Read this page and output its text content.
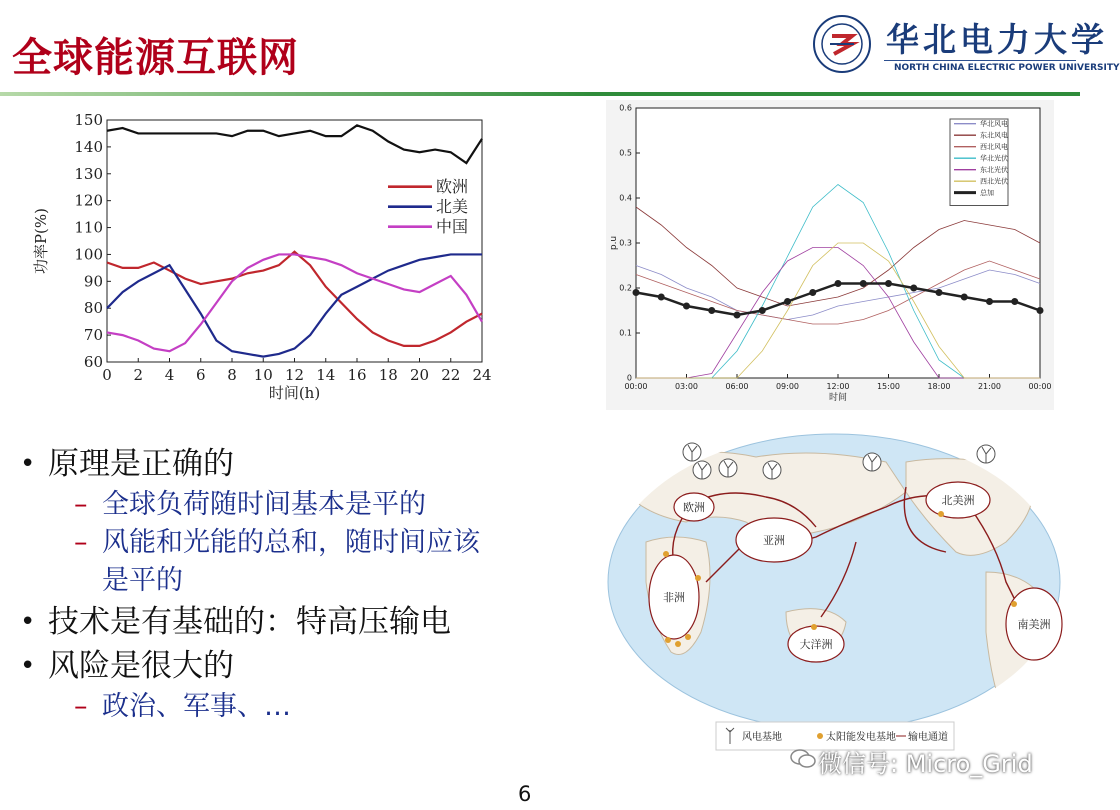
全球能源互联网	华北电力大学
NORTH CHINA ELECTRIC POWER UNIVERSITY
0 2 4 6 8 10 12 14 16 18 20 22 24
60
70
80
90
100
110
120
130
140
150
时间(h)
功率P(%)
欧洲
北美
中国
00:00	03:00	06:00	09:00	12:00	15:00	18:00	21:00	00:00
0
0.1
0.2
0.3
0.4
0.5
0.6
时间
p.u
华北风电
东北风电
西北风电
华北光伏
东北光伏
西北光伏
总加
欧洲
亚洲
北美洲
非洲
大洋洲
南美洲
风电基地	太阳能发电基地 输电通道
• 原理是正确的
– 全球负荷随时间基本是平的
– 风能和光能的总和，随时间应该
是平的
• 技术是有基础的：特高压输电
• 风险是很大的
– 政治、军事、…
6
微信号: Micro_Grid
